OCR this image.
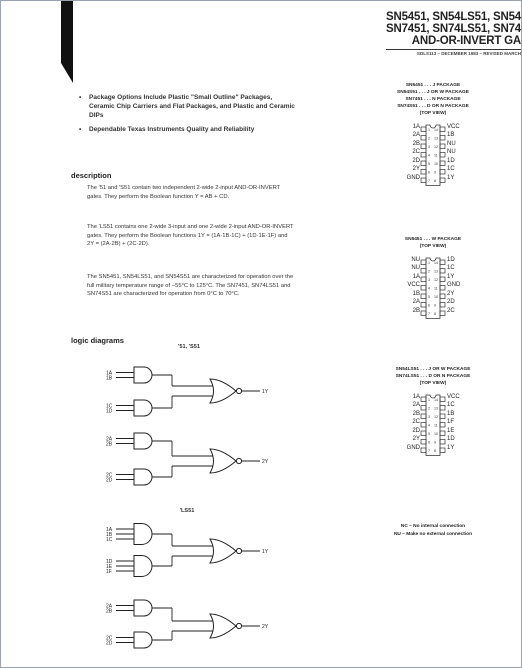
SN5451, SN54LS51, SN54
SN7451, SN74LS51, SN74
AND-OR-INVERT GA
SDLS113 – DECEMBER 1983 – REVISED MARCH
•	Package Options Include Plastic "Small Outline" Packages, Ceramic Chip Carriers and Flat Packages, and Plastic and Ceramic DIPs
•	Dependable Texas Instruments Quality and Reliability
description
The '51 and 'S51 contain two independent 2-wide 2-input AND-OR-INVERT gates. They perform the Boolean function Y = AB + CD.
The 'LS51 contains one 2-wide 3-input and one 2-wide 2-input AND-OR-INVERT gates. They perform the Boolean functions 1Y = (1A·1B·1C) + (1D·1E·1F) and 2Y = (2A·2B) + (2C·2D).
The SN5451, SN54LS51, and SN54S51 are characterized for operation over the full military temperature range of −55°C to 125°C. The SN7451, SN74LS51 and SN74S51 are characterized for operation from 0°C to 70°C.
logic diagrams
'51, 'S51
'LS51
1A
1B
1C
1D
1Y
2A
2B
2C
2D
2Y
1A
1B
1C
1D
1E
1F
1Y
2A
2B
2C
2D
2Y
SN5451 . . . J PACKAGE
SN54S51 . . . J OR W PACKAGE
SN7451 . . . N PACKAGE
SN74S51 . . . D OR N PACKAGE
(TOP VIEW)
1 14
2 13
3 12
4 11
5 10
6 9
7 8
1A
2A
2B
2C
2D
2Y
GND
VCC
1B
NU
NU
1D
1C
1Y
SN5451 . . . W PACKAGE
(TOP VIEW)
1 14
2 13
3 12
4 11
5 10
6 9
7 8
NU
NU
1A
VCC
1B
2A
2B
1D
1C
1Y
GND
2Y
2D
2C
SN54LS51 . . . J OR W PACKAGE
SN74LS51 . . . D OR N PACKAGE
(TOP VIEW)
1 14
2 13
3 12
4 11
5 10
6 9
7 8
1A
2A
2B
2C
2D
2Y
GND
VCC
1C
1B
1F
1E
1D
1Y
NC – No internal connection
NU – Make no external connection
